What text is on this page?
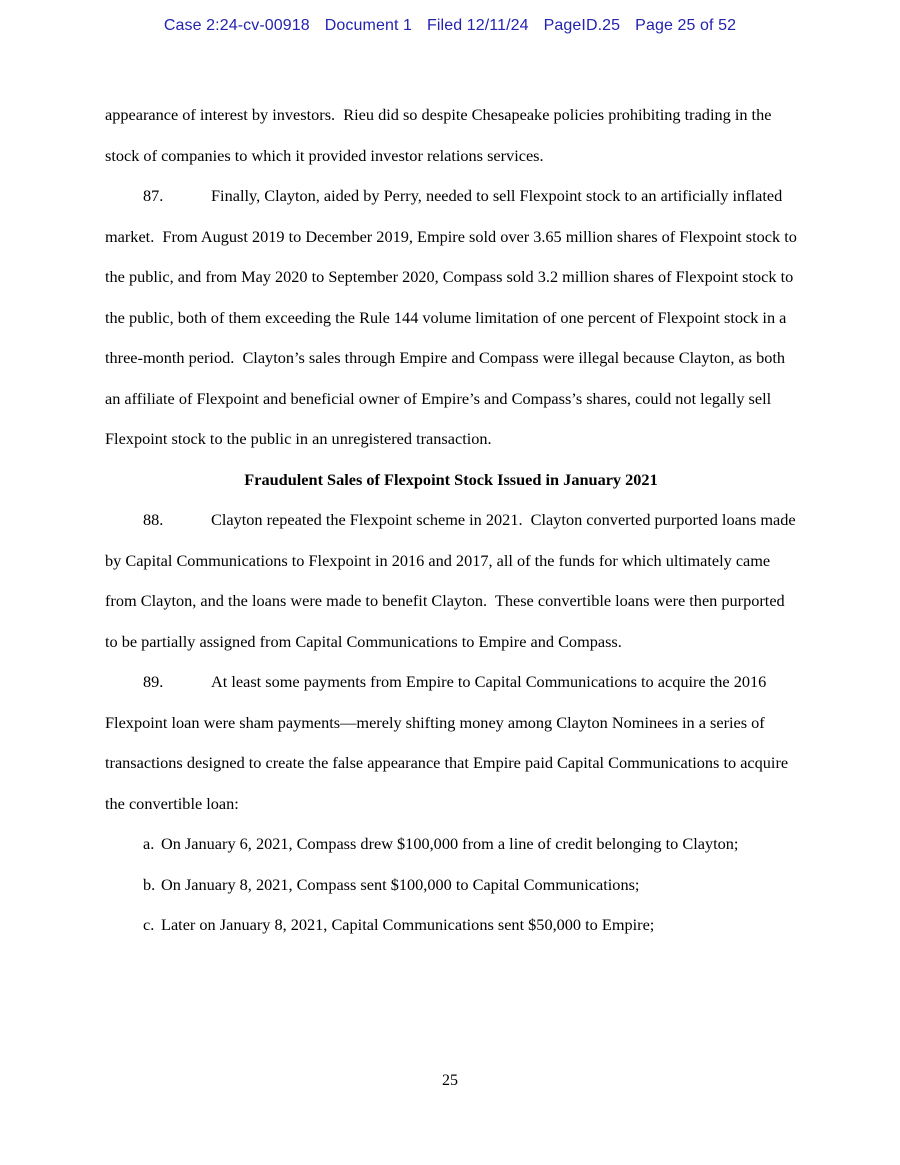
Case 2:24-cv-00918 Document 1 Filed 12/11/24 PageID.25 Page 25 of 52
appearance of interest by investors.  Rieu did so despite Chesapeake policies prohibiting trading in the stock of companies to which it provided investor relations services.
87.	Finally, Clayton, aided by Perry, needed to sell Flexpoint stock to an artificially inflated market.  From August 2019 to December 2019, Empire sold over 3.65 million shares of Flexpoint stock to the public, and from May 2020 to September 2020, Compass sold 3.2 million shares of Flexpoint stock to the public, both of them exceeding the Rule 144 volume limitation of one percent of Flexpoint stock in a three-month period.  Clayton’s sales through Empire and Compass were illegal because Clayton, as both an affiliate of Flexpoint and beneficial owner of Empire’s and Compass’s shares, could not legally sell Flexpoint stock to the public in an unregistered transaction.
Fraudulent Sales of Flexpoint Stock Issued in January 2021
88.	Clayton repeated the Flexpoint scheme in 2021.  Clayton converted purported loans made by Capital Communications to Flexpoint in 2016 and 2017, all of the funds for which ultimately came from Clayton, and the loans were made to benefit Clayton.  These convertible loans were then purported to be partially assigned from Capital Communications to Empire and Compass.
89.	At least some payments from Empire to Capital Communications to acquire the 2016 Flexpoint loan were sham payments—merely shifting money among Clayton Nominees in a series of transactions designed to create the false appearance that Empire paid Capital Communications to acquire the convertible loan:
a. On January 6, 2021, Compass drew $100,000 from a line of credit belonging to Clayton;
b. On January 8, 2021, Compass sent $100,000 to Capital Communications;
c. Later on January 8, 2021, Capital Communications sent $50,000 to Empire;
25
